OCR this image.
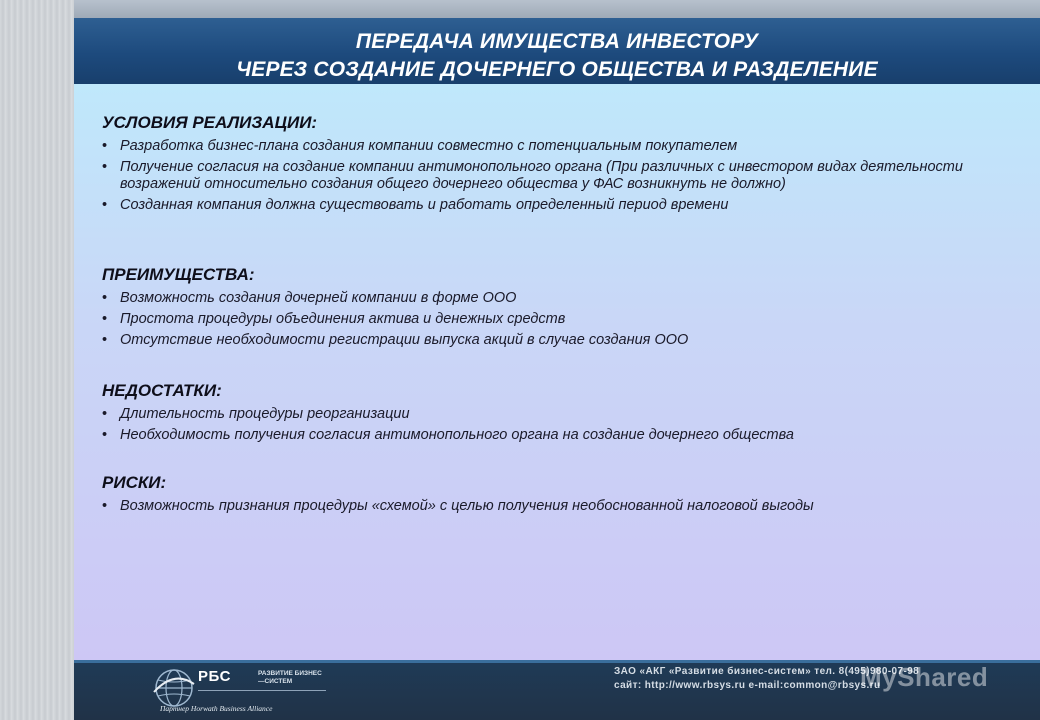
ПЕРЕДАЧА ИМУЩЕСТВА ИНВЕСТОРУ
ЧЕРЕЗ СОЗДАНИЕ ДОЧЕРНЕГО ОБЩЕСТВА И РАЗДЕЛЕНИЕ
УСЛОВИЯ РЕАЛИЗАЦИИ:
• Разработка бизнес-плана создания компании совместно с потенциальным покупателем
• Получение согласия на создание компании антимонопольного органа (При различных с инвестором видах деятельности возражений относительно создания общего дочернего общества у ФАС возникнуть не должно)
• Созданная компания должна существовать и работать определенный период времени
ПРЕИМУЩЕСТВА:
• Возможность создания дочерней компании в форме ООО
• Простота процедуры объединения актива и денежных средств
• Отсутствие необходимости регистрации выпуска акций в случае создания ООО
НЕДОСТАТКИ:
• Длительность процедуры реорганизации
• Необходимость получения согласия антимонопольного органа на создание дочернего общества
РИСКИ:
• Возможность признания процедуры «схемой» с целью получения необоснованной налоговой выгоды
РБС	РАЗВИТИЕ БИЗНЕС—СИСТЕМ
Партнер Horwath Business Alliance
ЗАО «АКГ «Развитие бизнес-систем» тел. 8(495)980-07-98
сайт: http://www.rbsys.ru e-mail:common@rbsys.ru
MyShared
